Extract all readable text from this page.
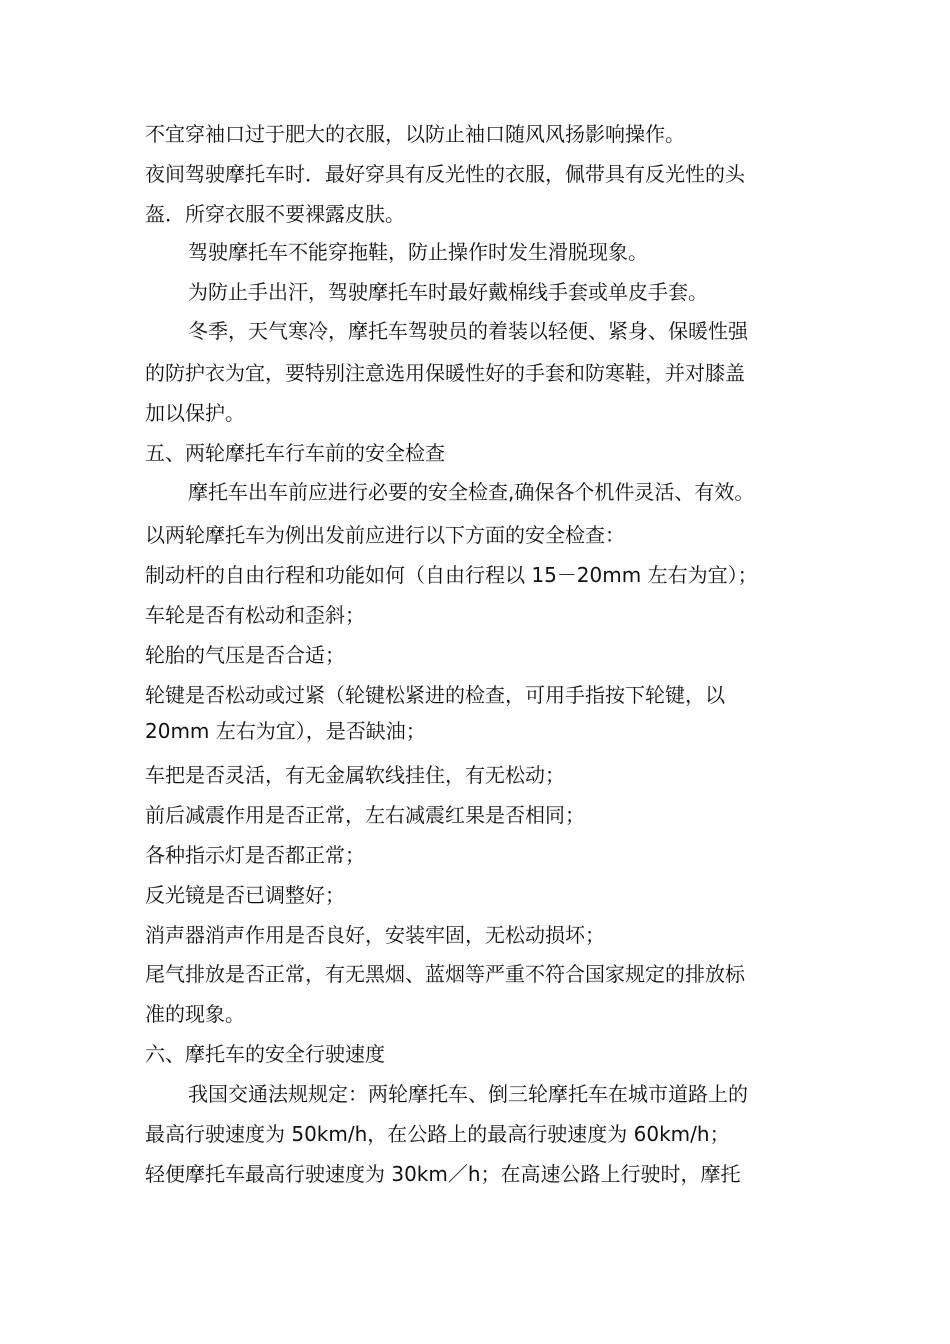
不宜穿袖口过于肥大的衣服，以防止袖口随风风扬影响操作。
夜间驾驶摩托车时．最好穿具有反光性的衣服，佩带具有反光性的头
盔．所穿衣服不要裸露皮肤。
驾驶摩托车不能穿拖鞋，防止操作时发生滑脱现象。
为防止手出汗，驾驶摩托车时最好戴棉线手套或单皮手套。
冬季，天气寒冷，摩托车驾驶员的着装以轻便、紧身、保暖性强
的防护衣为宜，要特别注意选用保暖性好的手套和防寒鞋，并对膝盖
加以保护。
五、两轮摩托车行车前的安全检查
摩托车出车前应进行必要的安全检查,确保各个机件灵活、有效。
以两轮摩托车为例出发前应进行以下方面的安全检查：
制动杆的自由行程和功能如何（自由行程以 15－20mm 左右为宜）；
车轮是否有松动和歪斜；
轮胎的气压是否合适；
轮键是否松动或过紧（轮键松紧进的检查，可用手指按下轮键，以
20mm 左右为宜），是否缺油；
车把是否灵活，有无金属软线挂住，有无松动；
前后减震作用是否正常，左右减震红果是否相同；
各种指示灯是否都正常；
反光镜是否已调整好；
消声器消声作用是否良好，安装牢固，无松动损坏；
尾气排放是否正常，有无黑烟、蓝烟等严重不符合国家规定的排放标
准的现象。
六、摩托车的安全行驶速度
我国交通法规规定：两轮摩托车、倒三轮摩托车在城市道路上的
最高行驶速度为 50km/h，在公路上的最高行驶速度为 60km/h；
轻便摩托车最高行驶速度为 30km／h；在高速公路上行驶时，摩托
